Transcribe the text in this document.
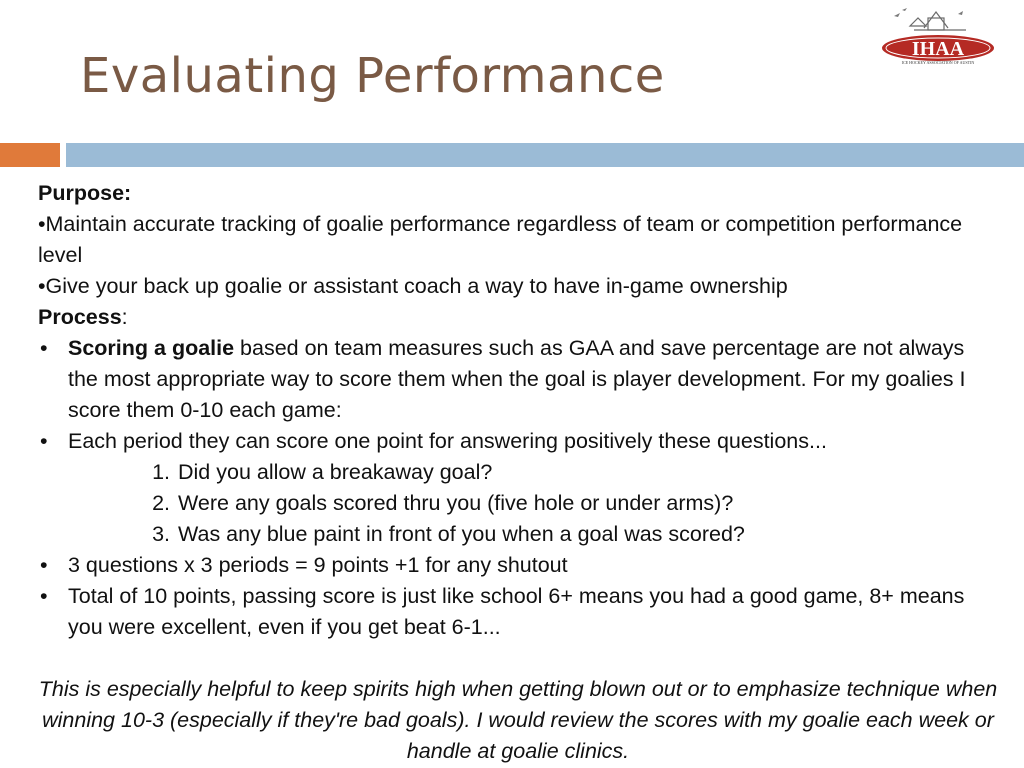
Evaluating Performance	IHAA
ICE HOCKEY ASSOCIATION OF AUSTIN

Purpose:

•Maintain accurate tracking of goalie performance regardless of team or competition performance level

•Give your back up goalie or assistant coach a way to have in-game ownership

Process:

• Scoring a goalie based on team measures such as GAA and save percentage are not always the most appropriate way to score them when the goal is player development. For my goalies I score them 0-10 each game:

• Each period they can score one point for answering positively these questions...

1. Did you allow a breakaway goal?

2. Were any goals scored thru you (five hole or under arms)?

3. Was any blue paint in front of you when a goal was scored?

• 3 questions x 3 periods = 9 points +1 for any shutout

• Total of 10 points, passing score is just like school 6+ means you had a good game, 8+ means you were excellent, even if you get beat 6-1...

This is especially helpful to keep spirits high when getting blown out or to emphasize technique when winning 10-3 (especially if they're bad goals). I would review the scores with my goalie each week or handle at goalie clinics.
